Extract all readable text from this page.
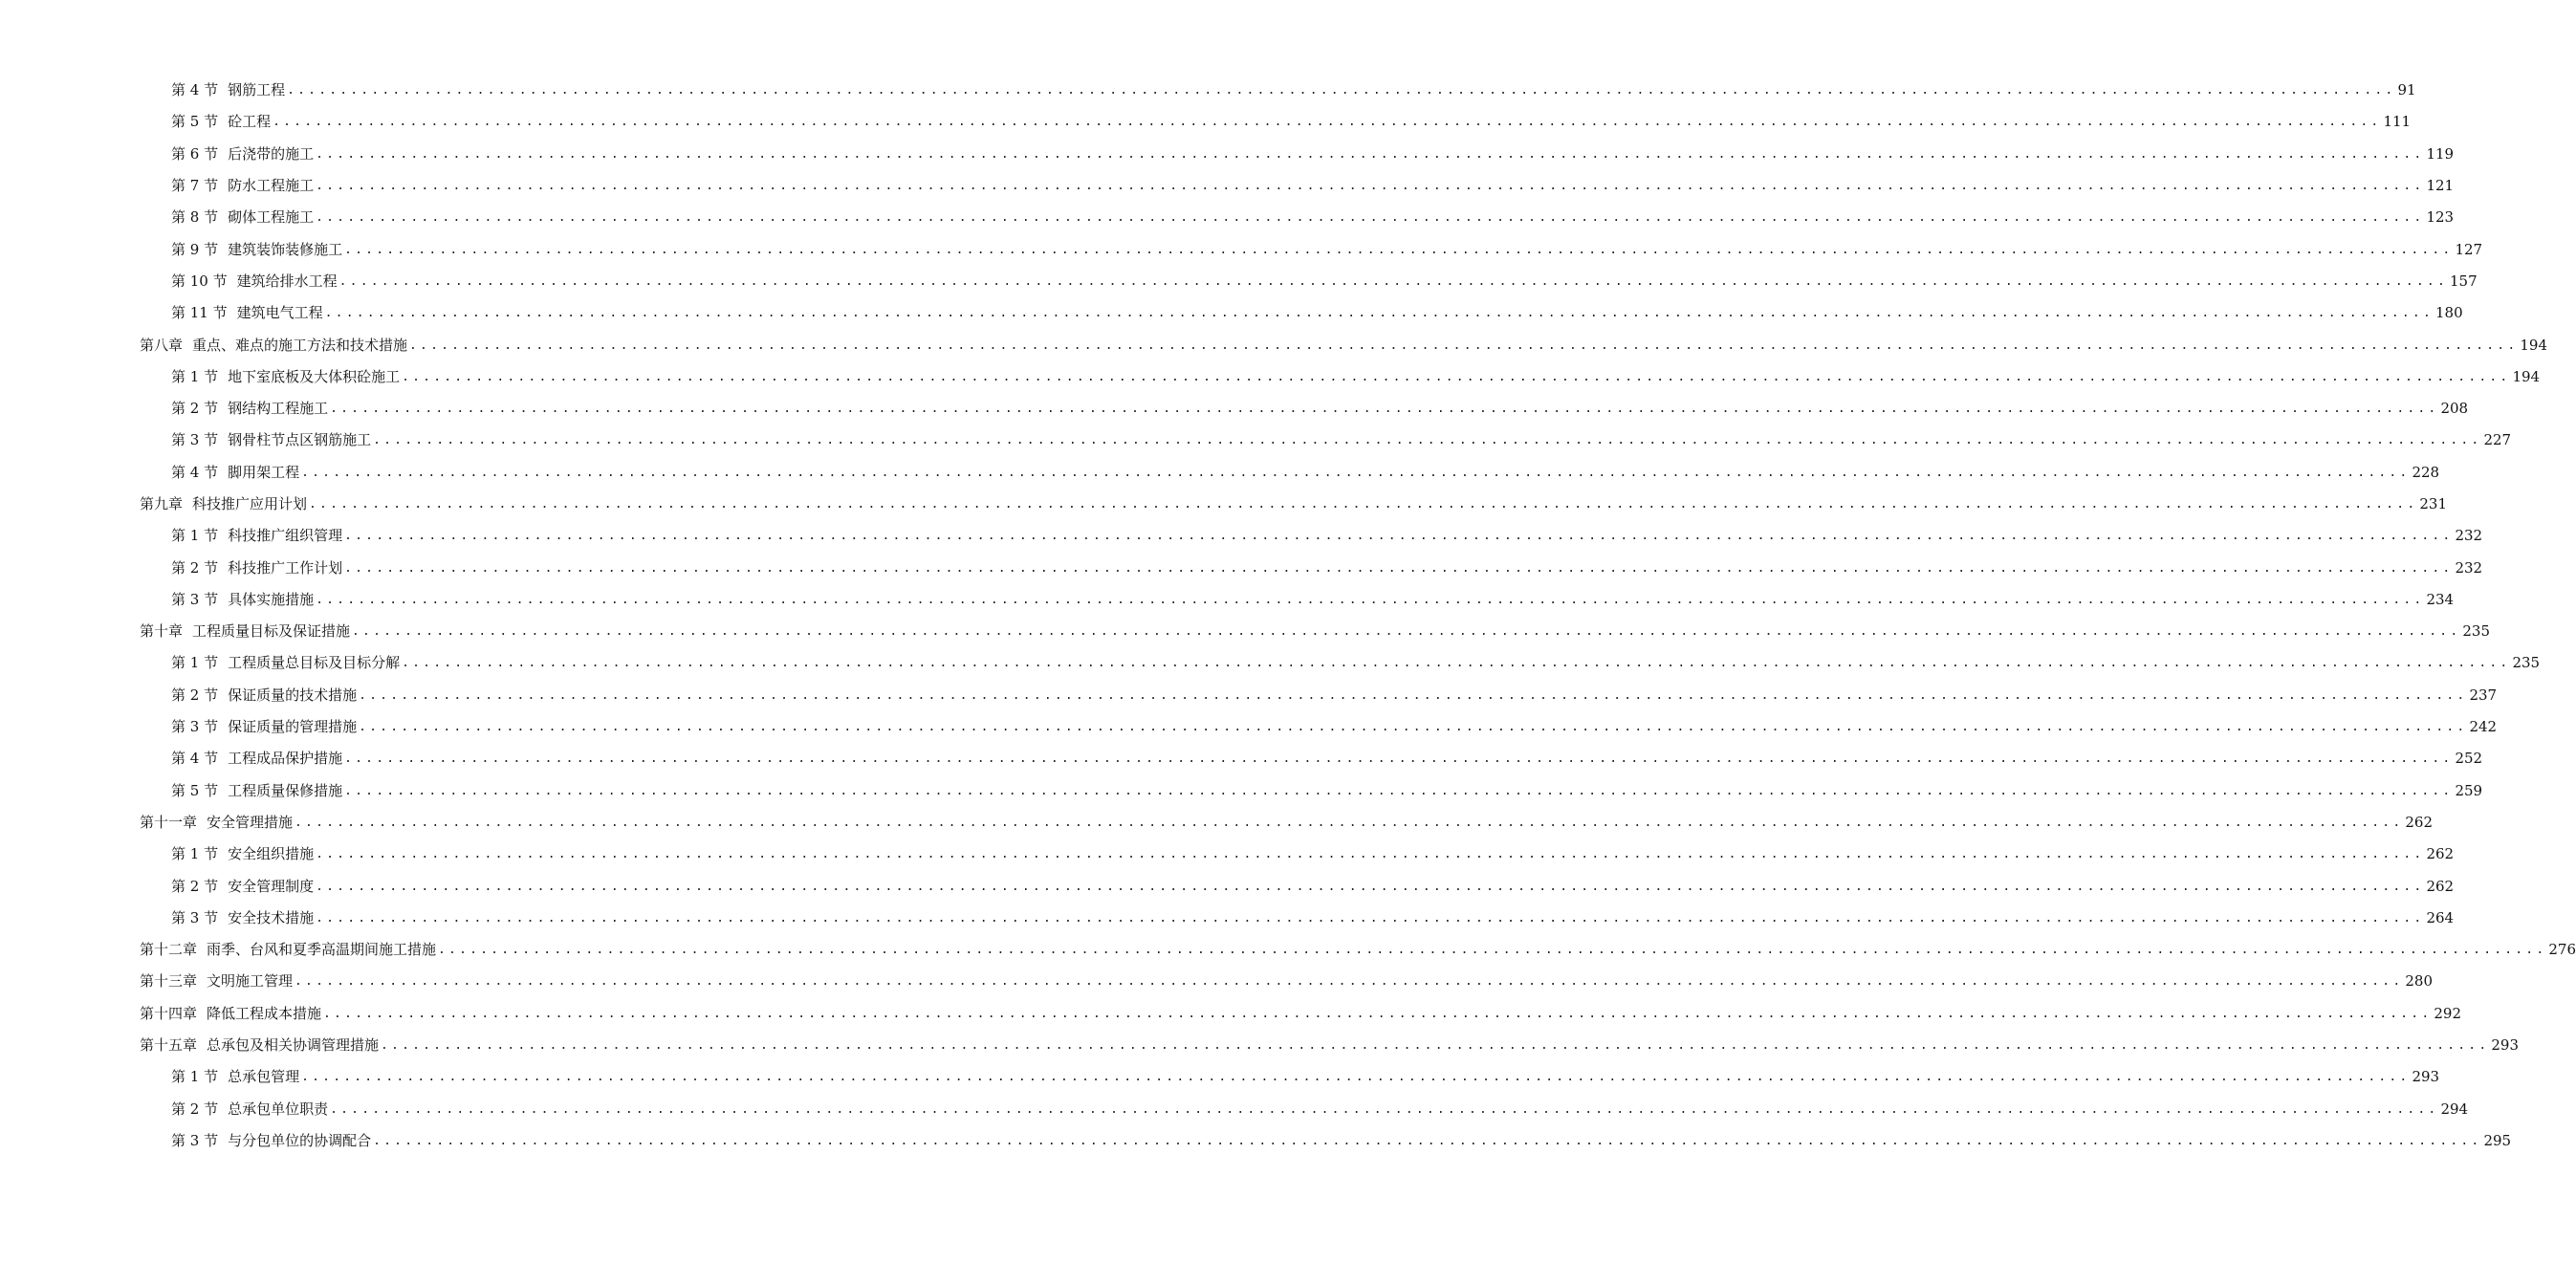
第 4 节 钢筋工程 ........................................................................................................................................................................................................ 91
第 5 节 砼工程 ........................................................................................................................................................................................................ 111
第 6 节 后浇带的施工 ........................................................................................................................................................................................................ 119
第 7 节 防水工程施工 ........................................................................................................................................................................................................ 121
第 8 节 砌体工程施工 ........................................................................................................................................................................................................ 123
第 9 节 建筑装饰装修施工 ........................................................................................................................................................................................................ 127
第 10 节 建筑给排水工程 ........................................................................................................................................................................................................ 157
第 11 节 建筑电气工程 ........................................................................................................................................................................................................ 180
第八章 重点、难点的施工方法和技术措施 ........................................................................................................................................................................................................ 194
第 1 节 地下室底板及大体积砼施工 ........................................................................................................................................................................................................ 194
第 2 节 钢结构工程施工 ........................................................................................................................................................................................................ 208
第 3 节 钢骨柱节点区钢筋施工 ........................................................................................................................................................................................................ 227
第 4 节 脚用架工程 ........................................................................................................................................................................................................ 228
第九章 科技推广应用计划 ........................................................................................................................................................................................................ 231
第 1 节 科技推广组织管理 ........................................................................................................................................................................................................ 232
第 2 节 科技推广工作计划 ........................................................................................................................................................................................................ 232
第 3 节 具体实施措施 ........................................................................................................................................................................................................ 234
第十章 工程质量目标及保证措施 ........................................................................................................................................................................................................ 235
第 1 节 工程质量总目标及目标分解 ........................................................................................................................................................................................................ 235
第 2 节 保证质量的技术措施 ........................................................................................................................................................................................................ 237
第 3 节 保证质量的管理措施 ........................................................................................................................................................................................................ 242
第 4 节 工程成品保护措施 ........................................................................................................................................................................................................ 252
第 5 节 工程质量保修措施 ........................................................................................................................................................................................................ 259
第十一章 安全管理措施 ........................................................................................................................................................................................................ 262
第 1 节 安全组织措施 ........................................................................................................................................................................................................ 262
第 2 节 安全管理制度 ........................................................................................................................................................................................................ 262
第 3 节 安全技术措施 ........................................................................................................................................................................................................ 264
第十二章 雨季、台风和夏季高温期间施工措施 ........................................................................................................................................................................................................ 276
第十三章 文明施工管理 ........................................................................................................................................................................................................ 280
第十四章 降低工程成本措施 ........................................................................................................................................................................................................ 292
第十五章 总承包及相关协调管理措施 ........................................................................................................................................................................................................ 293
第 1 节 总承包管理 ........................................................................................................................................................................................................ 293
第 2 节 总承包单位职责 ........................................................................................................................................................................................................ 294
第 3 节 与分包单位的协调配合 ........................................................................................................................................................................................................ 295
